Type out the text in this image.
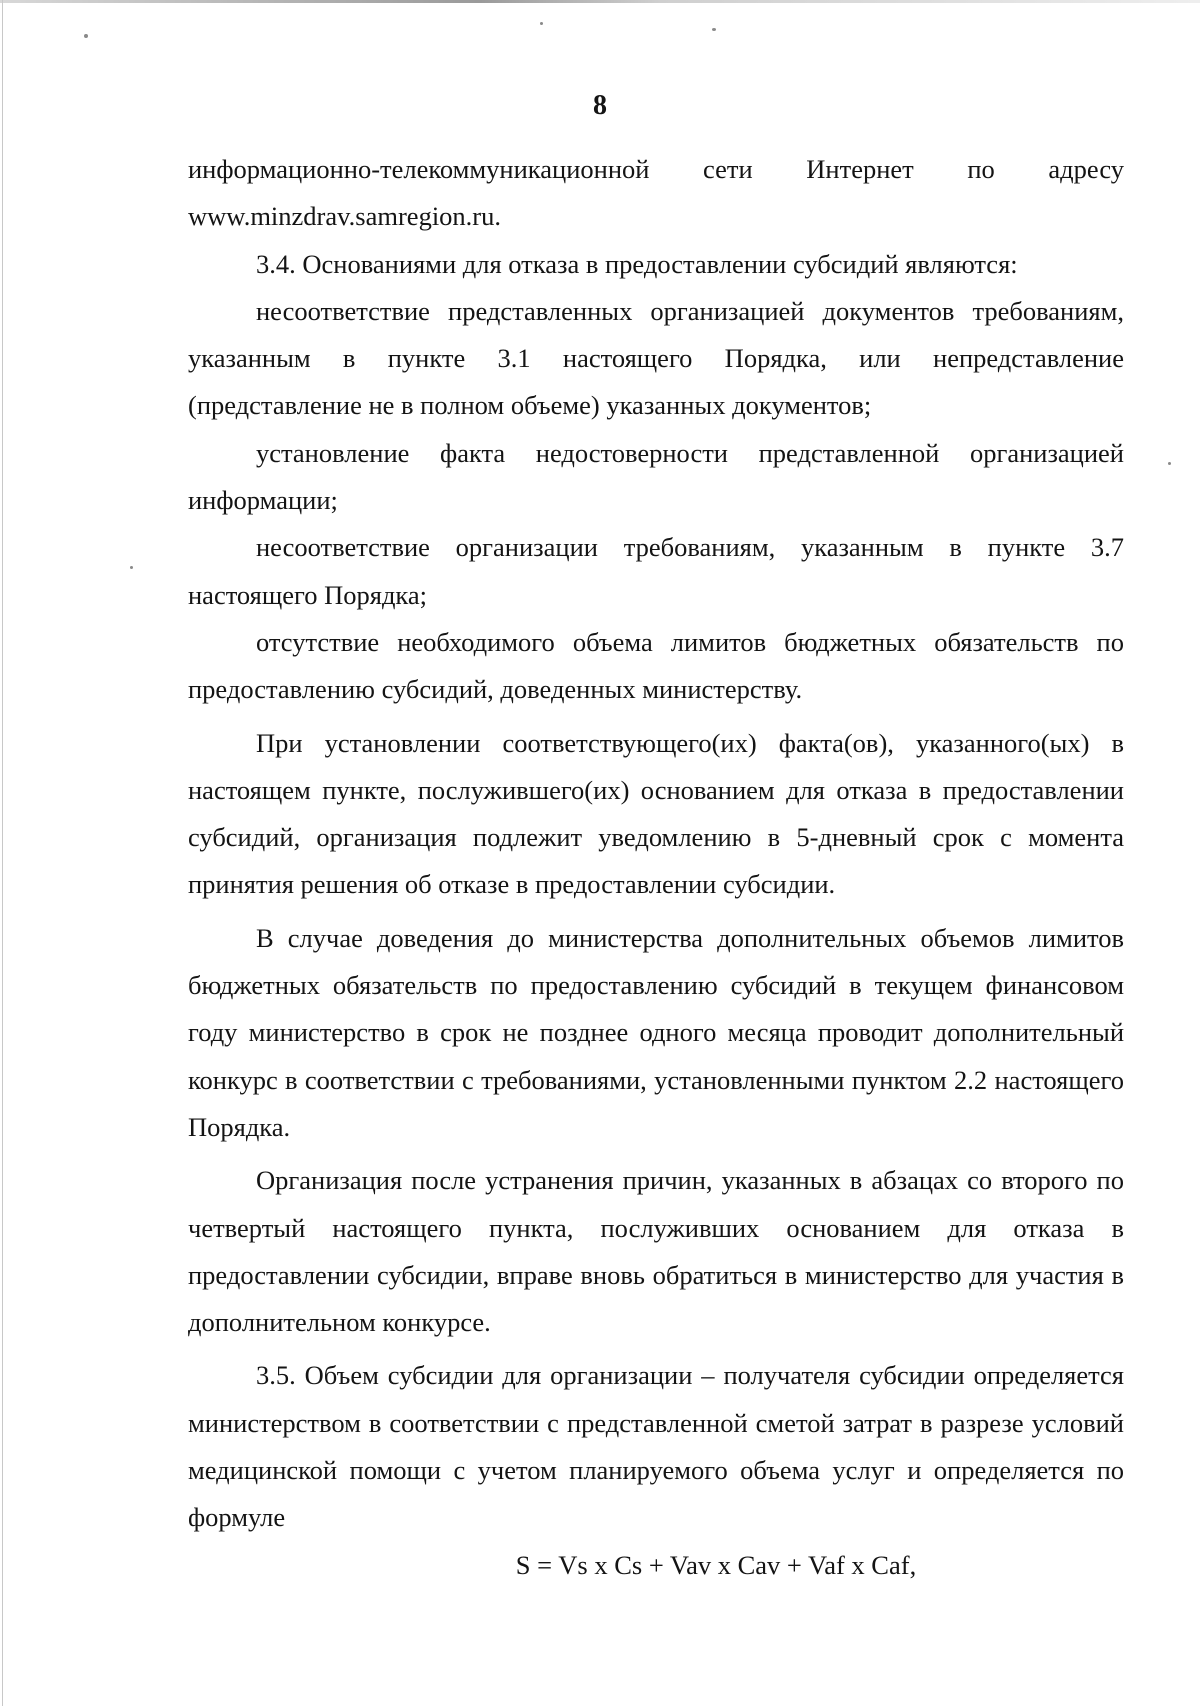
8

информационно-телекоммуникационной сети Интернет по адресу www.minzdrav.samregion.ru.

3.4. Основаниями для отказа в предоставлении субсидий являются:

несоответствие представленных организацией документов требованиям, указанным в пункте 3.1 настоящего Порядка, или непредставление (представление не в полном объеме) указанных документов;

установление факта недостоверности представленной организацией информации;

несоответствие организации требованиям, указанным в пункте 3.7 настоящего Порядка;

отсутствие необходимого объема лимитов бюджетных обязательств по предоставлению субсидий, доведенных министерству.

При установлении соответствующего(их) факта(ов), указанного(ых) в настоящем пункте, послужившего(их) основанием для отказа в предоставлении субсидий, организация подлежит уведомлению в 5-дневный срок с момента принятия решения об отказе в предоставлении субсидии.

В случае доведения до министерства дополнительных объемов лимитов бюджетных обязательств по предоставлению субсидий в текущем финансовом году министерство в срок не позднее одного месяца проводит дополнительный конкурс в соответствии с требованиями, установленными пунктом 2.2 настоящего Порядка.

Организация после устранения причин, указанных в абзацах со второго по четвертый настоящего пункта, послуживших основанием для отказа в предоставлении субсидии, вправе вновь обратиться в министерство для участия в дополнительном конкурсе.

3.5. Объем субсидии для организации – получателя субсидии определяется министерством в соответствии с представленной сметой затрат в разрезе условий медицинской помощи с учетом планируемого объема услуг и определяется по формуле

S = Vs x Cs + Vav x Cav + Vaf x Caf,
